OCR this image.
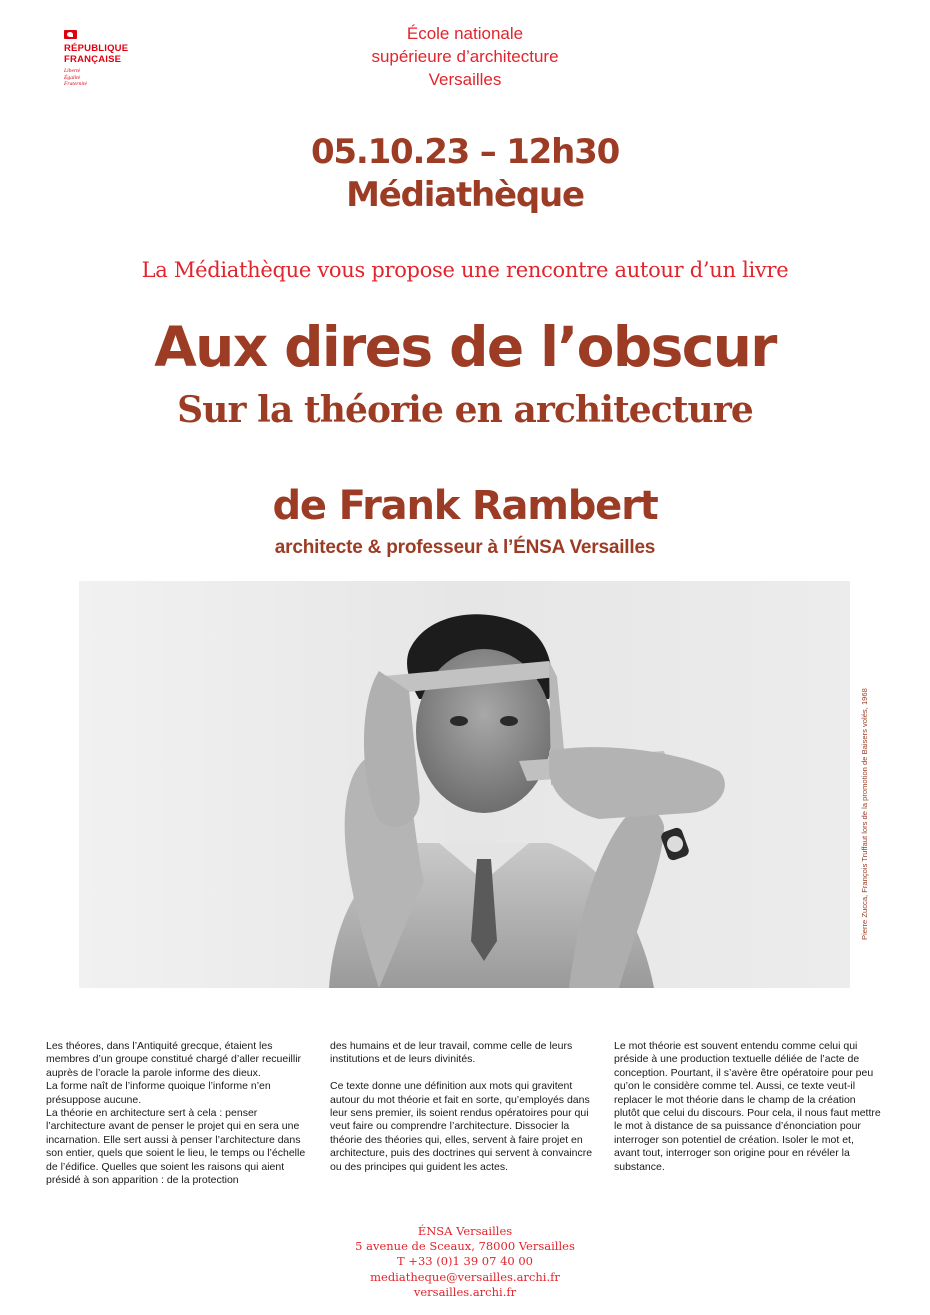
RÉPUBLIQUE
FRANÇAISE
Liberté
Égalité
Fraternité
École nationale
supérieure d’architecture
Versailles
05.10.23 – 12h30
Médiathèque
La Médiathèque vous propose une rencontre autour d’un livre
Aux dires de l’obscur
Sur la théorie en architecture
de Frank Rambert
architecte & professeur à l’ÉNSA Versailles
Pierre Zucca, François Truffaut lors de la promotion de Baisers volés, 1968

Les théores, dans l’Antiquité grecque, étaient les membres d’un groupe constitué chargé d’aller recueillir auprès de l’oracle la parole informe des dieux.

La forme naît de l’informe quoique l’informe n’en présuppose aucune.

La théorie en architecture sert à cela : penser l’architecture avant de penser le projet qui en sera une incarnation. Elle sert aussi à penser l’architecture dans son entier, quels que soient le lieu, le temps ou l’échelle de l’édifice. Quelles que soient les raisons qui aient présidé à son apparition : de la protection

des humains et de leur travail, comme celle de leurs institutions et de leurs divinités.

Ce texte donne une définition aux mots qui gravitent autour du mot théorie et fait en sorte, qu’employés dans leur sens premier, ils soient rendus opératoires pour qui veut faire ou comprendre l’architecture. Dissocier la théorie des théories qui, elles, servent à faire projet en architecture, puis des doctrines qui servent à convaincre ou des principes qui guident les actes.

Le mot théorie est souvent entendu comme celui qui préside à une production textuelle déliée de l’acte de conception. Pourtant, il s’avère être opératoire pour peu qu’on le considère comme tel. Aussi, ce texte veut-il replacer le mot théorie dans le champ de la création plutôt que celui du discours. Pour cela, il nous faut mettre le mot à distance de sa puissance d’énonciation pour interroger son potentiel de création. Isoler le mot et, avant tout, interroger son origine pour en révéler la substance.

ÉNSA Versailles
5 avenue de Sceaux, 78000 Versailles
T +33 (0)1 39 07 40 00
mediatheque@versailles.archi.fr
versailles.archi.fr
